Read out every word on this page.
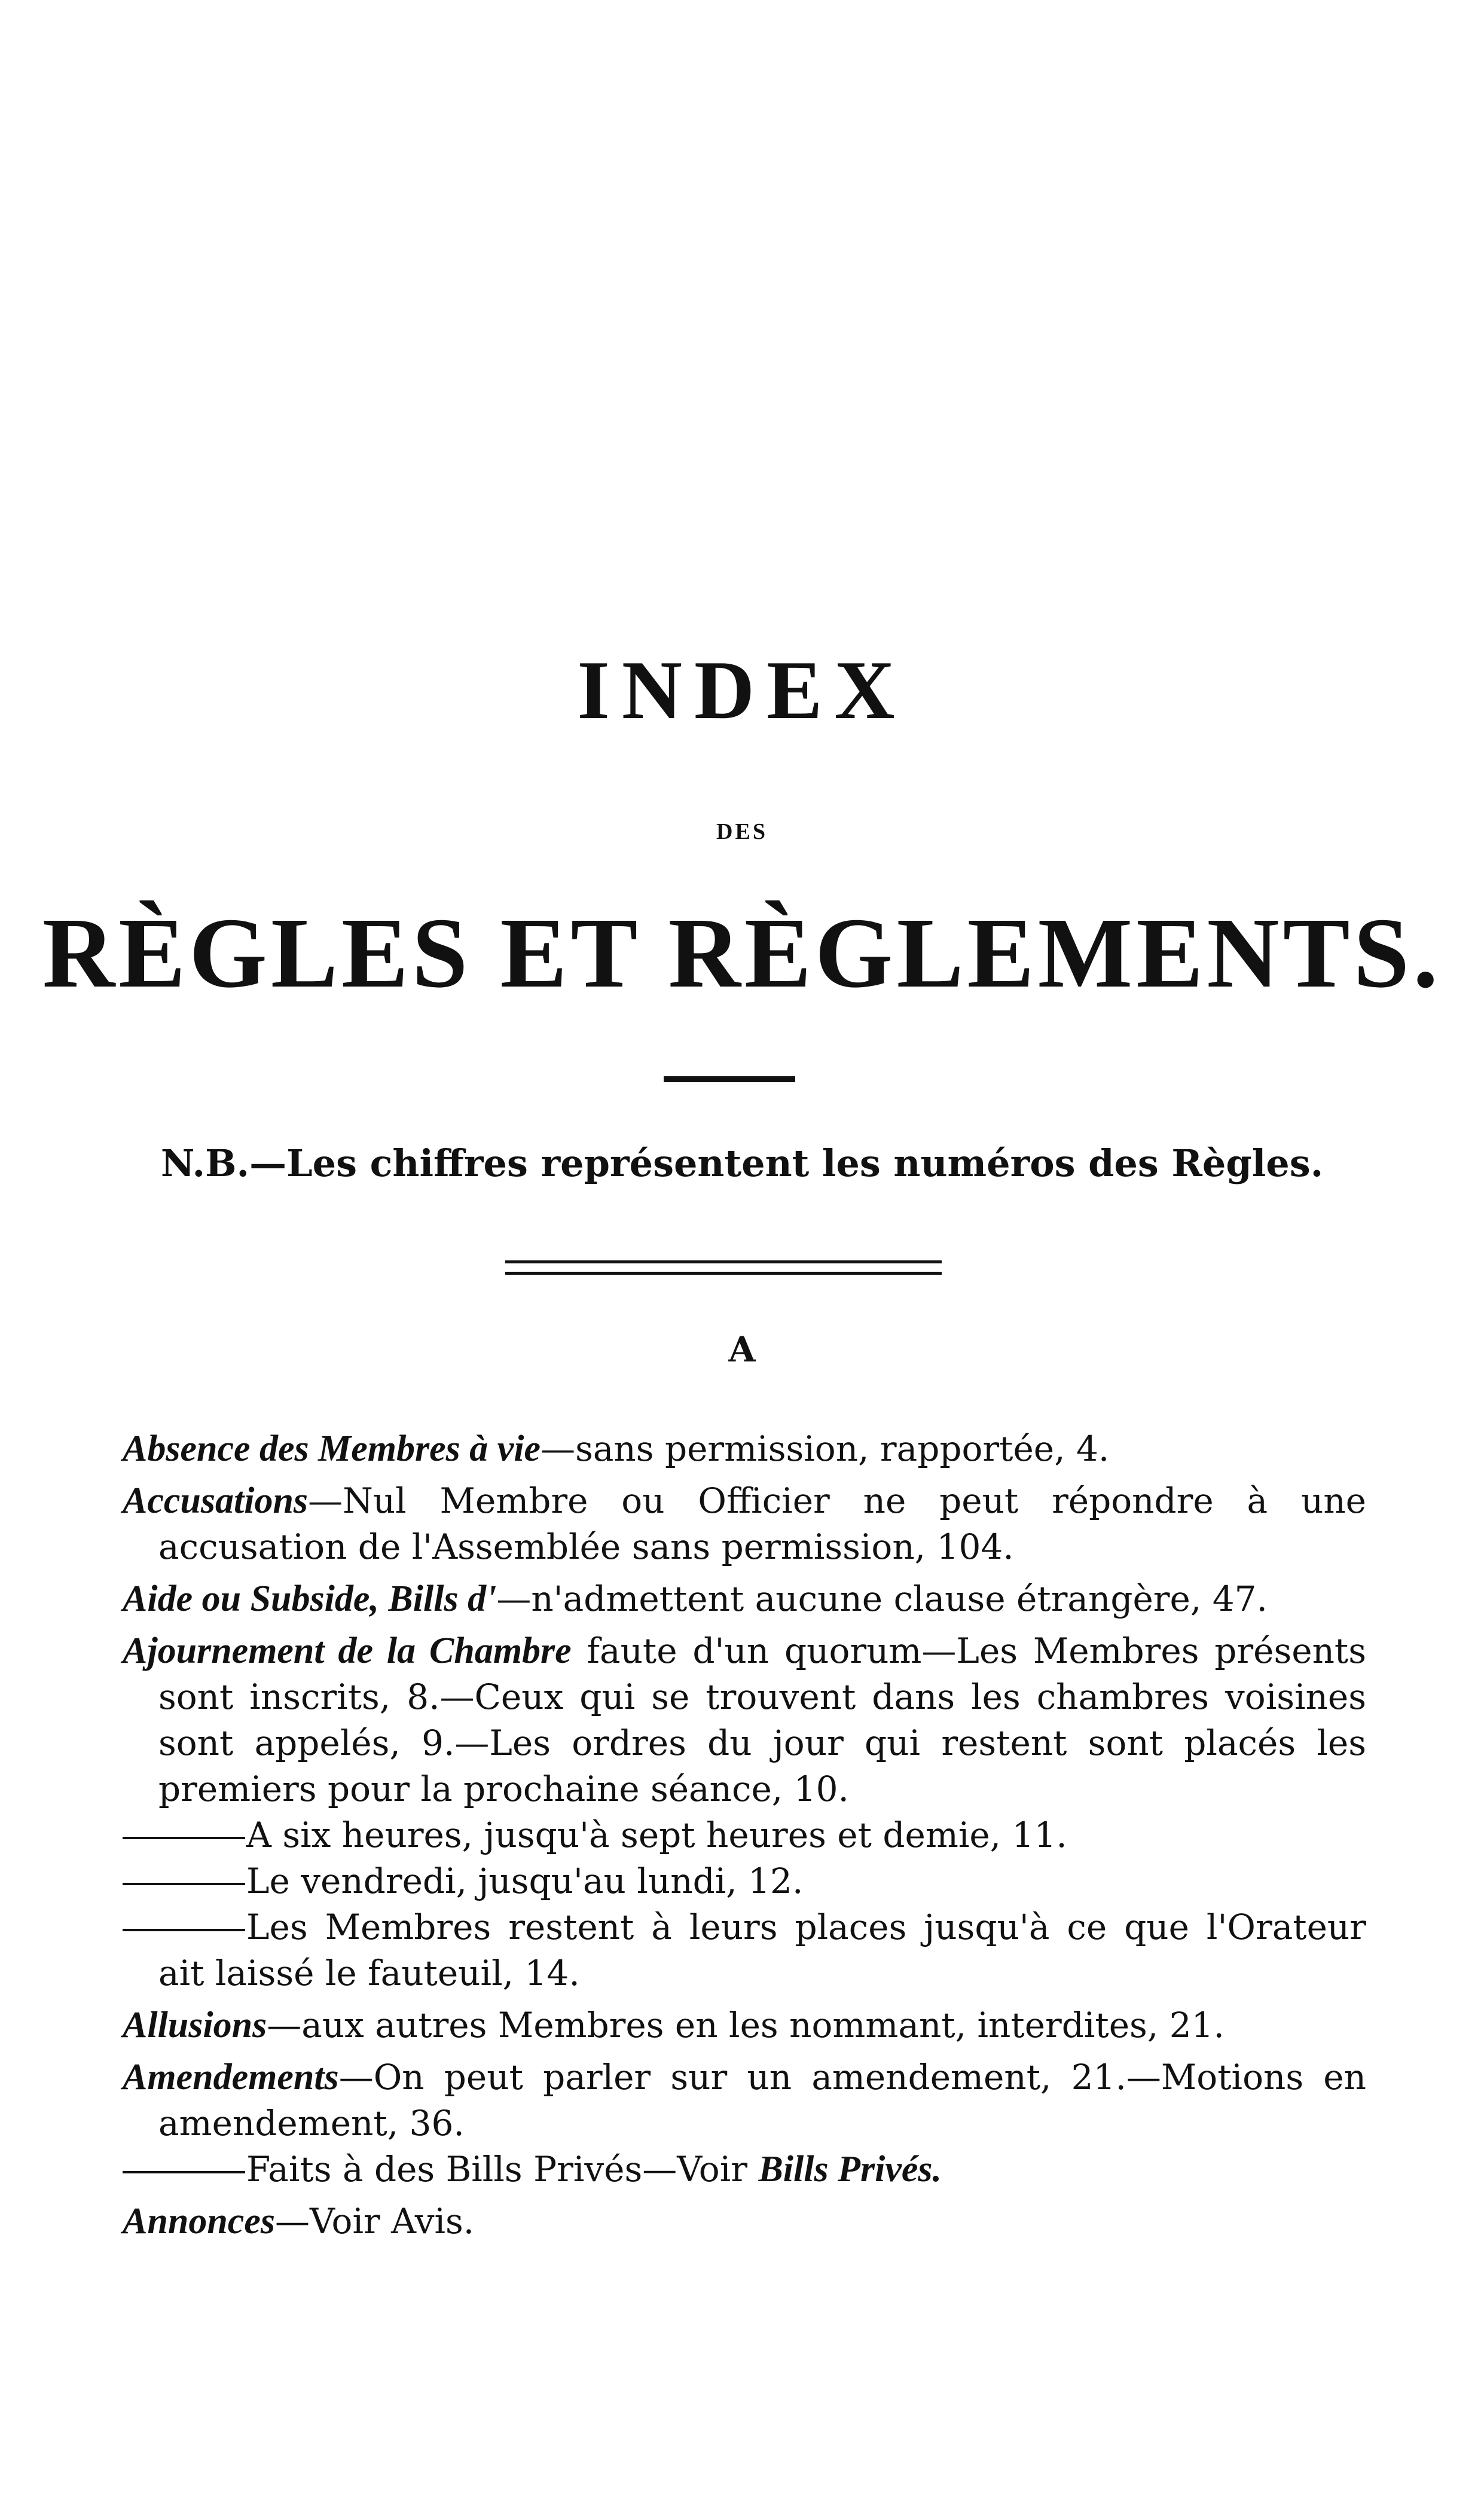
INDEX
DES
RÈGLES ET RÈGLEMENTS.
N.B.—Les chiffres représentent les numéros des Règles.
A

Absence des Membres à vie—sans permission, rapportée, 4.

Accusations—Nul Membre ou Officier ne peut répondre à une accusation de l'Assemblée sans permission, 104.

Aide ou Subside, Bills d'—n'admettent aucune clause étrangère, 47.

Ajournement de la Chambre faute d'un quorum—Les Membres présents sont inscrits, 8.—Ceux qui se trouvent dans les chambres voisines sont appelés, 9.—Les ordres du jour qui restent sont placés les premiers pour la prochaine séance, 10.

A six heures, jusqu'à sept heures et demie, 11.

Le vendredi, jusqu'au lundi, 12.

Les Membres restent à leurs places jusqu'à ce que l'Orateur ait laissé le fauteuil, 14.

Allusions—aux autres Membres en les nommant, interdites, 21.

Amendements—On peut parler sur un amendement, 21.—Motions en amendement, 36.

Faits à des Bills Privés—Voir Bills Privés.

Annonces—Voir Avis.
